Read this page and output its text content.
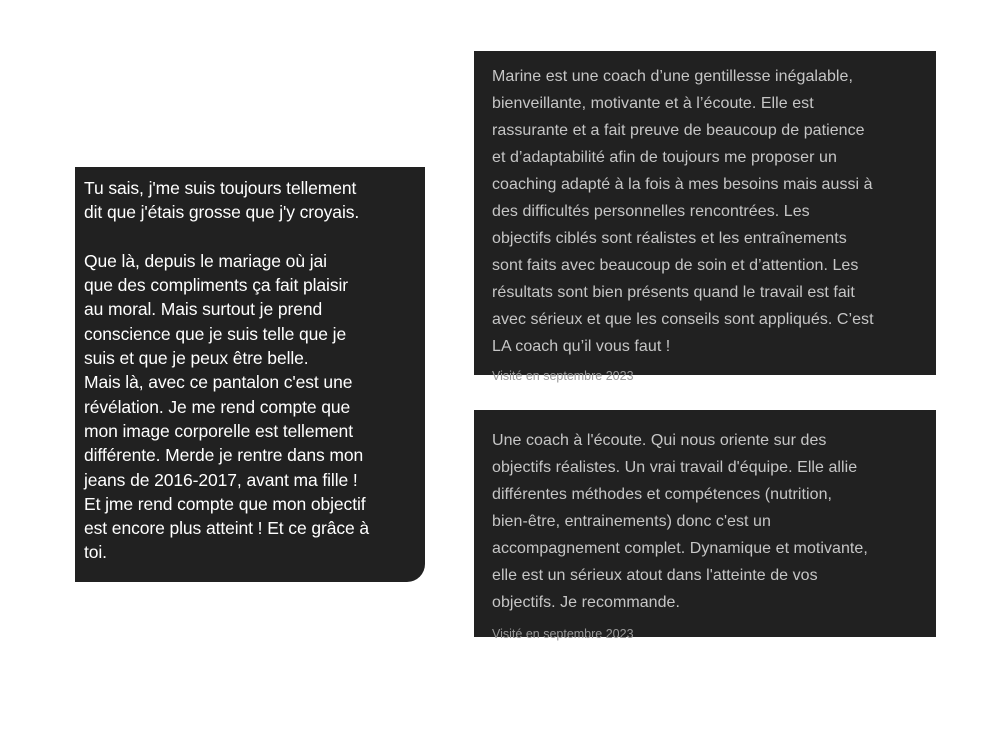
Tu sais, j'me suis toujours tellement
dit que j'étais grosse que j'y croyais.

Que là, depuis le mariage où jai
que des compliments ça fait plaisir
au moral. Mais surtout je prend
conscience que je suis telle que je
suis et que je peux être belle.
Mais là, avec ce pantalon c'est une
révélation. Je me rend compte que
mon image corporelle est tellement
différente. Merde je rentre dans mon
jeans de 2016-2017, avant ma fille !
Et jme rend compte que mon objectif
est encore plus atteint ! Et ce grâce à
toi.

Marine est une coach d’une gentillesse inégalable,
bienveillante, motivante et à l’écoute. Elle est
rassurante et a fait preuve de beaucoup de patience
et d’adaptabilité afin de toujours me proposer un
coaching adapté à la fois à mes besoins mais aussi à
des difficultés personnelles rencontrées. Les
objectifs ciblés sont réalistes et les entraînements
sont faits avec beaucoup de soin et d’attention. Les
résultats sont bien présents quand le travail est fait
avec sérieux et que les conseils sont appliqués. C’est
LA coach qu’il vous faut !

Visité en septembre 2023

Une coach à l'écoute. Qui nous oriente sur des
objectifs réalistes. Un vrai travail d'équipe. Elle allie
différentes méthodes et compétences (nutrition,
bien-être, entrainements) donc c'est un
accompagnement complet. Dynamique et motivante,
elle est un sérieux atout dans l'atteinte de vos
objectifs. Je recommande.

Visité en septembre 2023
